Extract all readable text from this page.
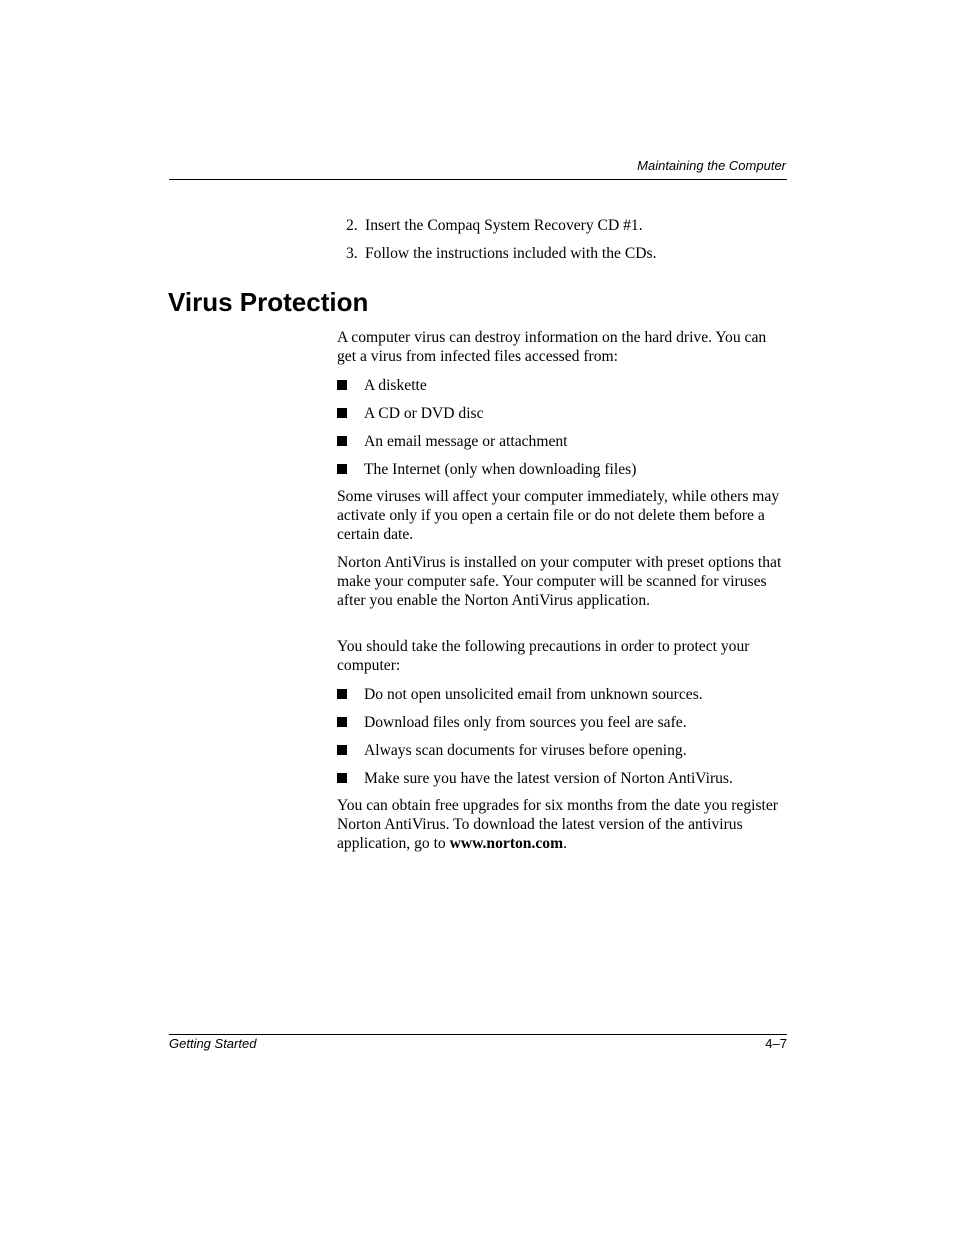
Maintaining the Computer
2. Insert the Compaq System Recovery CD #1.
3. Follow the instructions included with the CDs.
Virus Protection

A computer virus can destroy information on the hard drive. You can get a virus from infected files accessed from:

A diskette
A CD or DVD disc
An email message or attachment
The Internet (only when downloading files)

Some viruses will affect your computer immediately, while others may activate only if you open a certain file or do not delete them before a certain date.

Norton AntiVirus is installed on your computer with preset options that make your computer safe. Your computer will be scanned for viruses after you enable the Norton AntiVirus application.

You should take the following precautions in order to protect your computer:

Do not open unsolicited email from unknown sources.
Download files only from sources you feel are safe.
Always scan documents for viruses before opening.
Make sure you have the latest version of Norton AntiVirus.

You can obtain free upgrades for six months from the date you register Norton AntiVirus. To download the latest version of the antivirus application, go to www.norton.com.

Getting Started	4–7
